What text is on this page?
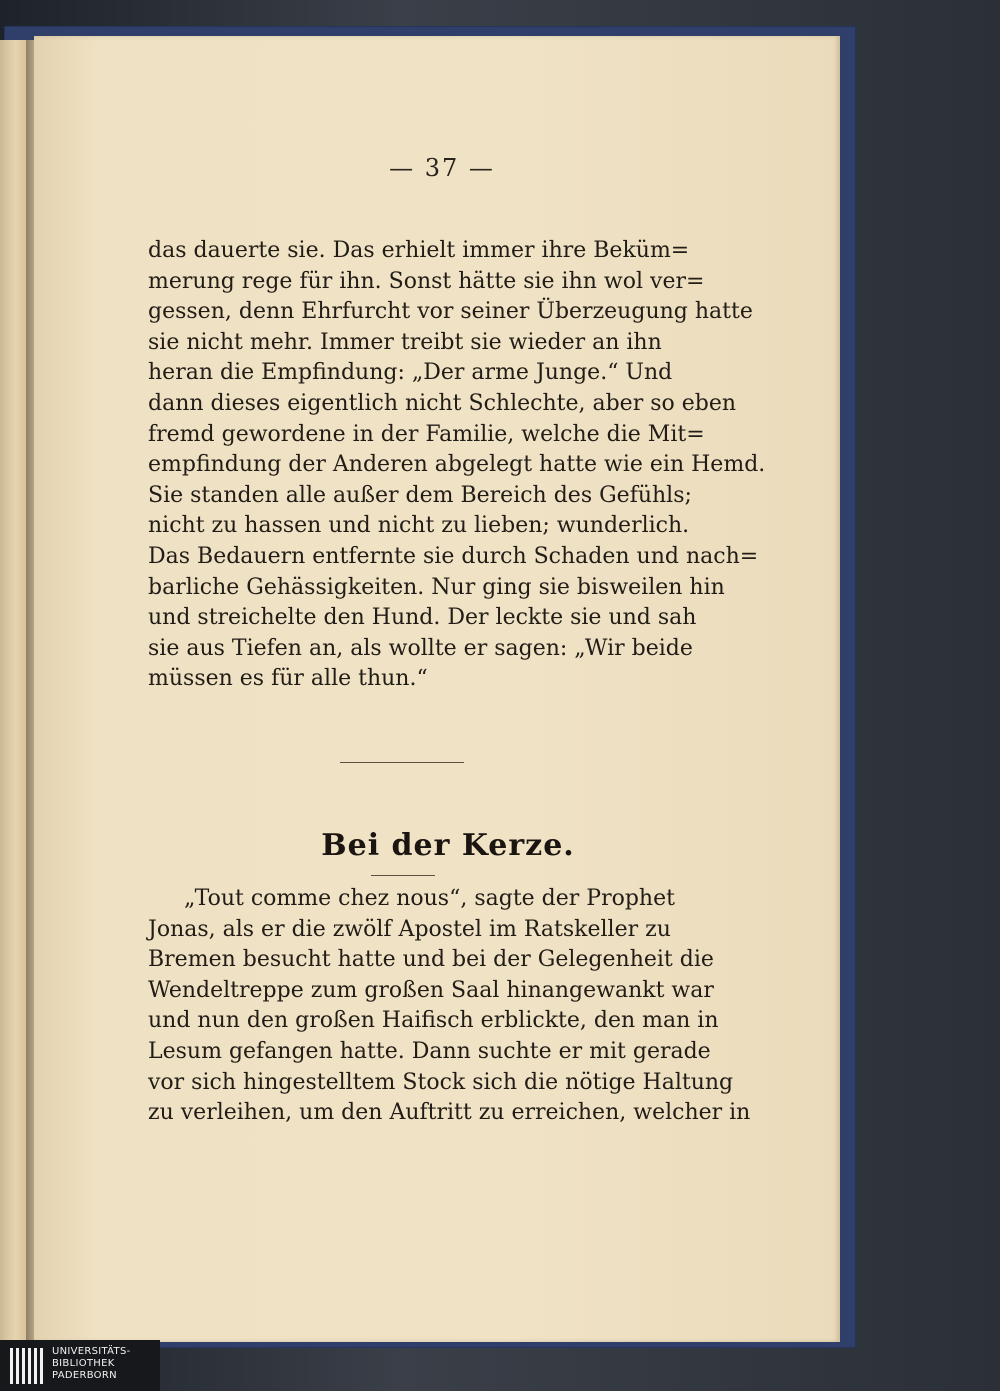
— 37 —
das dauerte sie. Das erhielt immer ihre Beküm=
merung rege für ihn. Sonst hätte sie ihn wol ver=
gessen, denn Ehrfurcht vor seiner Überzeugung hatte
sie nicht mehr. Immer treibt sie wieder an ihn
heran die Empfindung: „Der arme Junge.“ Und
dann dieses eigentlich nicht Schlechte, aber so eben
fremd gewordene in der Familie, welche die Mit=
empfindung der Anderen abgelegt hatte wie ein Hemd.
Sie standen alle außer dem Bereich des Gefühls;
nicht zu hassen und nicht zu lieben; wunderlich.
Das Bedauern entfernte sie durch Schaden und nach=
barliche Gehässigkeiten. Nur ging sie bisweilen hin
und streichelte den Hund. Der leckte sie und sah
sie aus Tiefen an, als wollte er sagen: „Wir beide
müssen es für alle thun.“
Bei der Kerze.
„Tout comme chez nous“, sagte der Prophet
Jonas, als er die zwölf Apostel im Ratskeller zu
Bremen besucht hatte und bei der Gelegenheit die
Wendeltreppe zum großen Saal hinangewankt war
und nun den großen Haifisch erblickte, den man in
Lesum gefangen hatte. Dann suchte er mit gerade
vor sich hingestelltem Stock sich die nötige Haltung
zu verleihen, um den Auftritt zu erreichen, welcher in
UNIVERSITÄTS-
BIBLIOTHEK
PADERBORN
